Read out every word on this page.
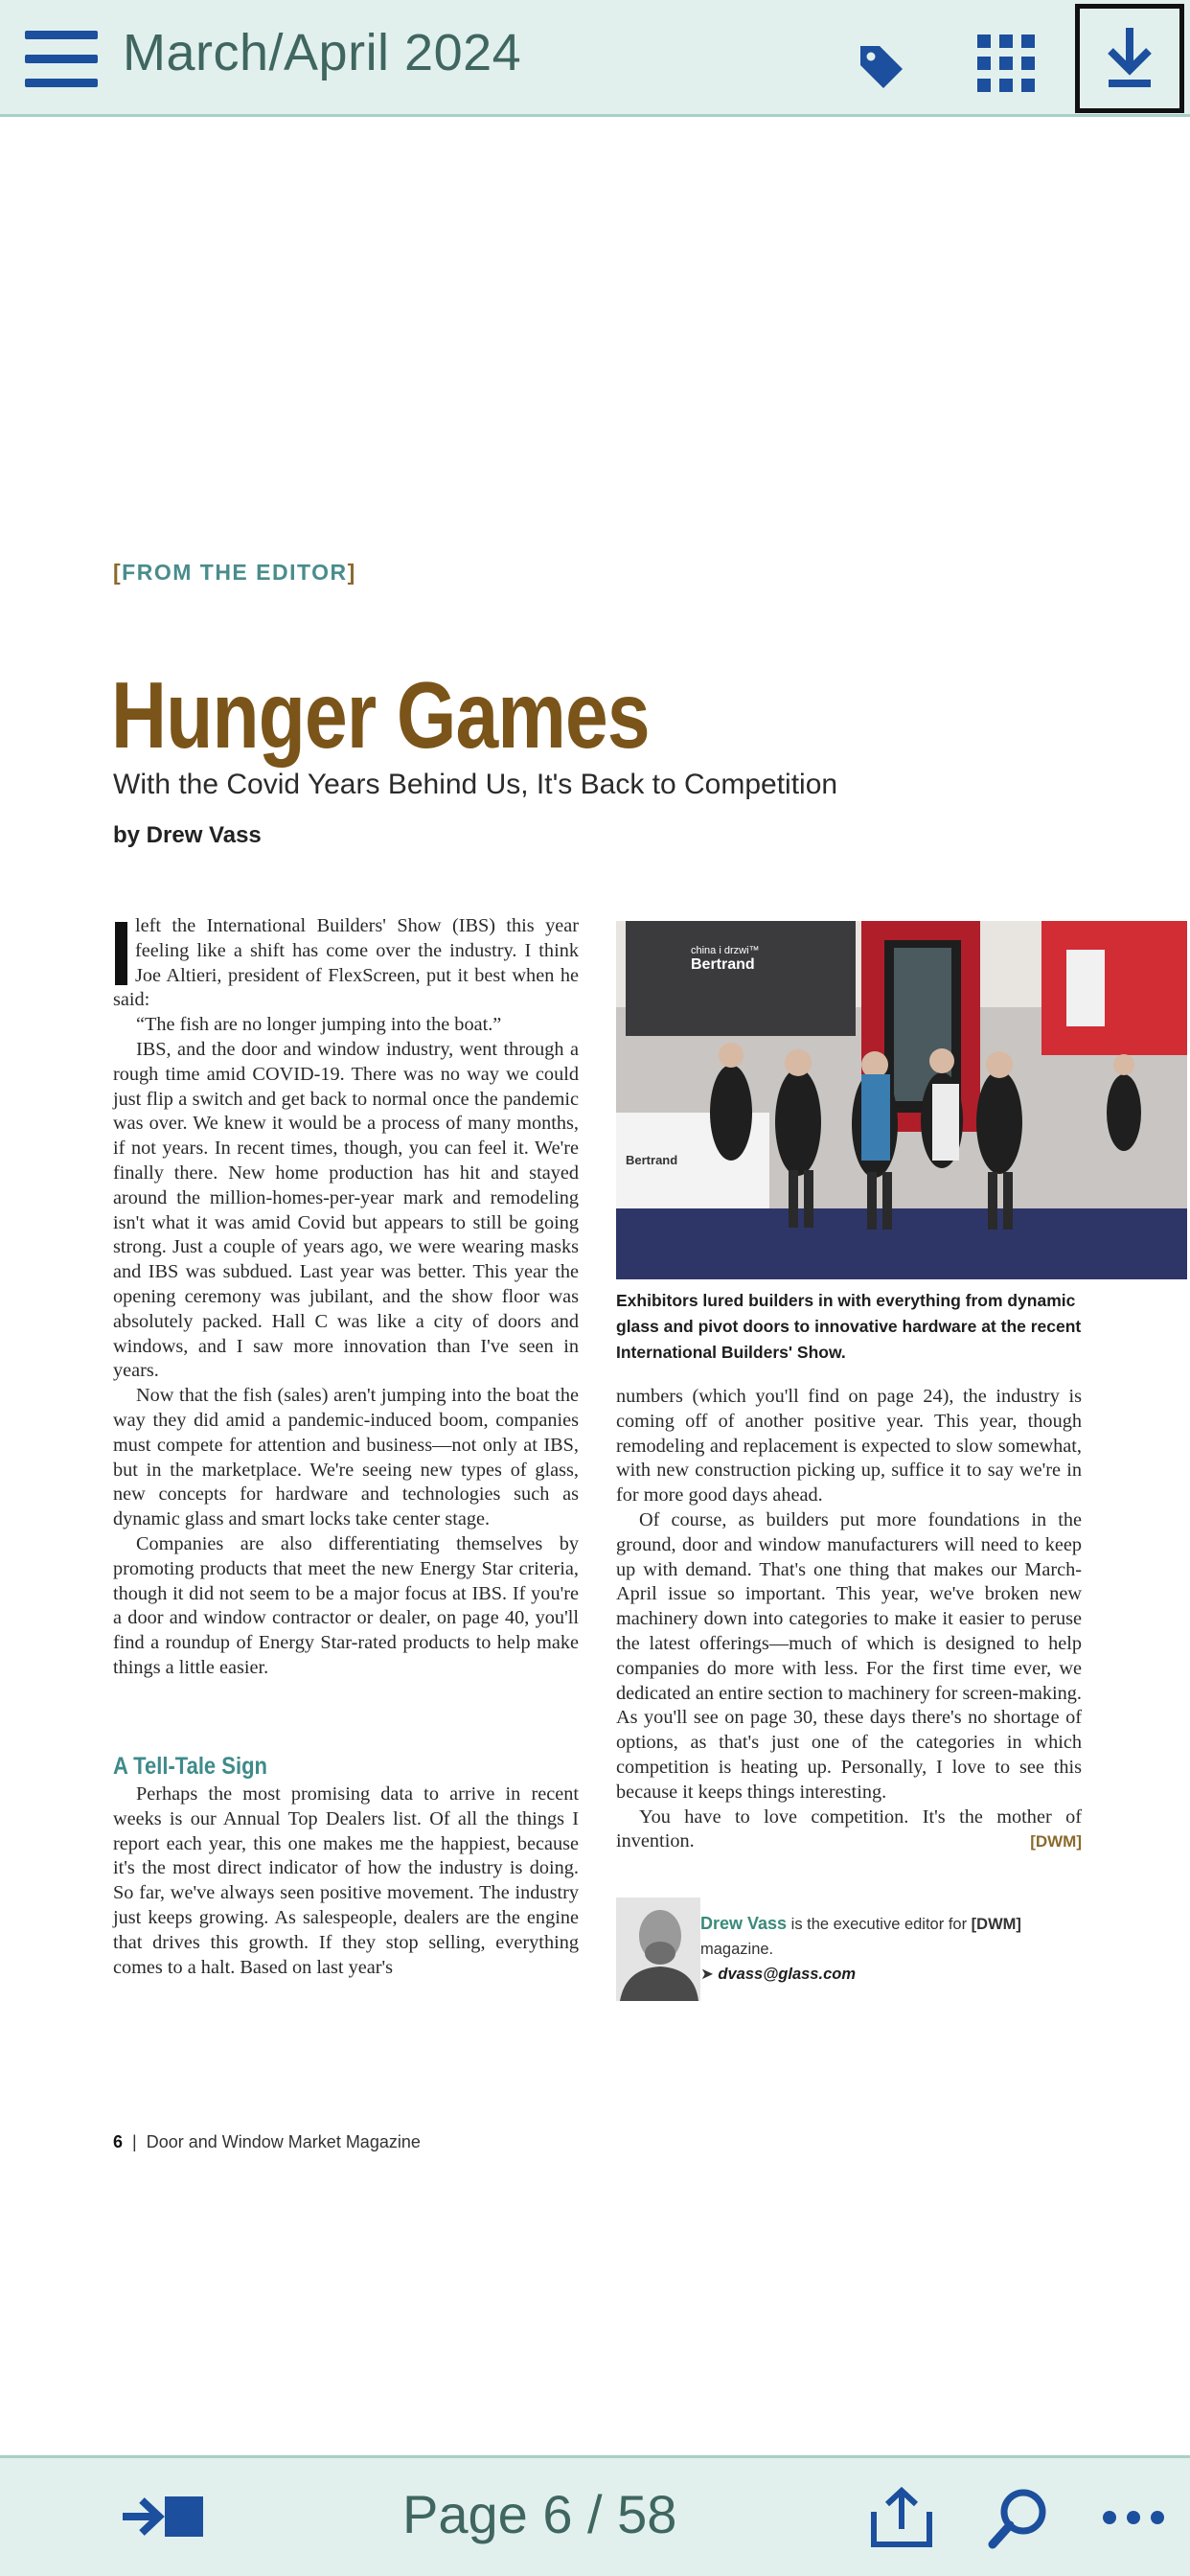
March/April 2024
[FROM THE EDITOR]
Hunger Games
With the Covid Years Behind Us, It's Back to Competition
by Drew Vass

left the International Builders' Show (IBS) this year feeling like a shift has come over the industry. I think Joe Altieri, president of FlexScreen, put it best when he said:

“The fish are no longer jumping into the boat.”

IBS, and the door and window industry, went through a rough time amid COVID-19. There was no way we could just flip a switch and get back to normal once the pandemic was over. We knew it would be a process of many months, if not years. In recent times, though, you can feel it. We're finally there. New home production has hit and stayed around the million-homes-per-year mark and remodeling isn't what it was amid Covid but appears to still be going strong. Just a couple of years ago, we were wearing masks and IBS was subdued. Last year was better. This year the opening ceremony was jubilant, and the show floor was absolutely packed. Hall C was like a city of doors and windows, and I saw more innovation than I've seen in years.

Now that the fish (sales) aren't jumping into the boat the way they did amid a pandemic-induced boom, companies must compete for attention and business—not only at IBS, but in the marketplace. We're seeing new types of glass, new concepts for hardware and technologies such as dynamic glass and smart locks take center stage.

Companies are also differentiating themselves by promoting products that meet the new Energy Star criteria, though it did not seem to be a major focus at IBS. If you're a door and window contractor or dealer, on page 40, you'll find a roundup of Energy Star-rated products to help make things a little easier.

A Tell-Tale Sign

Perhaps the most promising data to arrive in recent weeks is our Annual Top Dealers list. Of all the things I report each year, this one makes me the happiest, because it's the most direct indicator of how the industry is doing. So far, we've always seen positive movement. The industry just keeps growing. As salespeople, dealers are the engine that drives this growth. If they stop selling, everything comes to a halt. Based on last year's

china i drzwi™
Bertrand
Bertrand
Exhibitors lured builders in with everything from dynamic glass and pivot doors to innovative hardware at the recent International Builders' Show.

numbers (which you'll find on page 24), the industry is coming off of another positive year. This year, though remodeling and replacement is expected to slow somewhat, with new construction picking up, suffice it to say we're in for more good days ahead.

Of course, as builders put more foundations in the ground, door and window manufacturers will need to keep up with demand. That's one thing that makes our March-April issue so important. This year, we've broken new machinery down into categories to make it easier to peruse the latest offerings—much of which is designed to help companies do more with less. For the first time ever, we dedicated an entire section to machinery for screen-making. As you'll see on page 30, these days there's no shortage of options, as that's just one of the categories in which competition is heating up. Personally, I love to see this because it keeps things interesting.

You have to love competition. It's the mother of invention.	[DWM]

Drew Vass is the executive editor for [DWM] magazine.
➤ dvass@glass.com
6 | Door and Window Market Magazine
Page 6 / 58
